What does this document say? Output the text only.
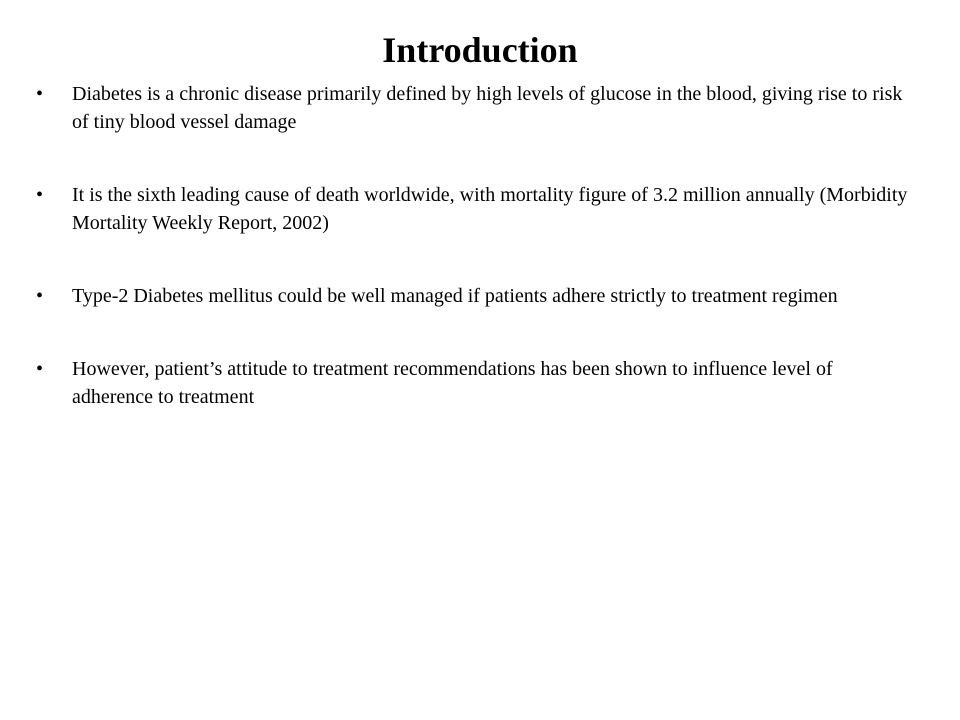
Introduction
•	Diabetes is a chronic disease primarily defined by high levels of glucose in the blood, giving rise to risk of tiny blood vessel damage
•	It is the sixth leading cause of death worldwide, with mortality figure of 3.2 million annually (Morbidity Mortality Weekly Report, 2002)
•	Type-2 Diabetes mellitus could be well managed if patients adhere strictly to treatment regimen
•	However, patient’s attitude to treatment recommendations has been shown to influence level of adherence to treatment
